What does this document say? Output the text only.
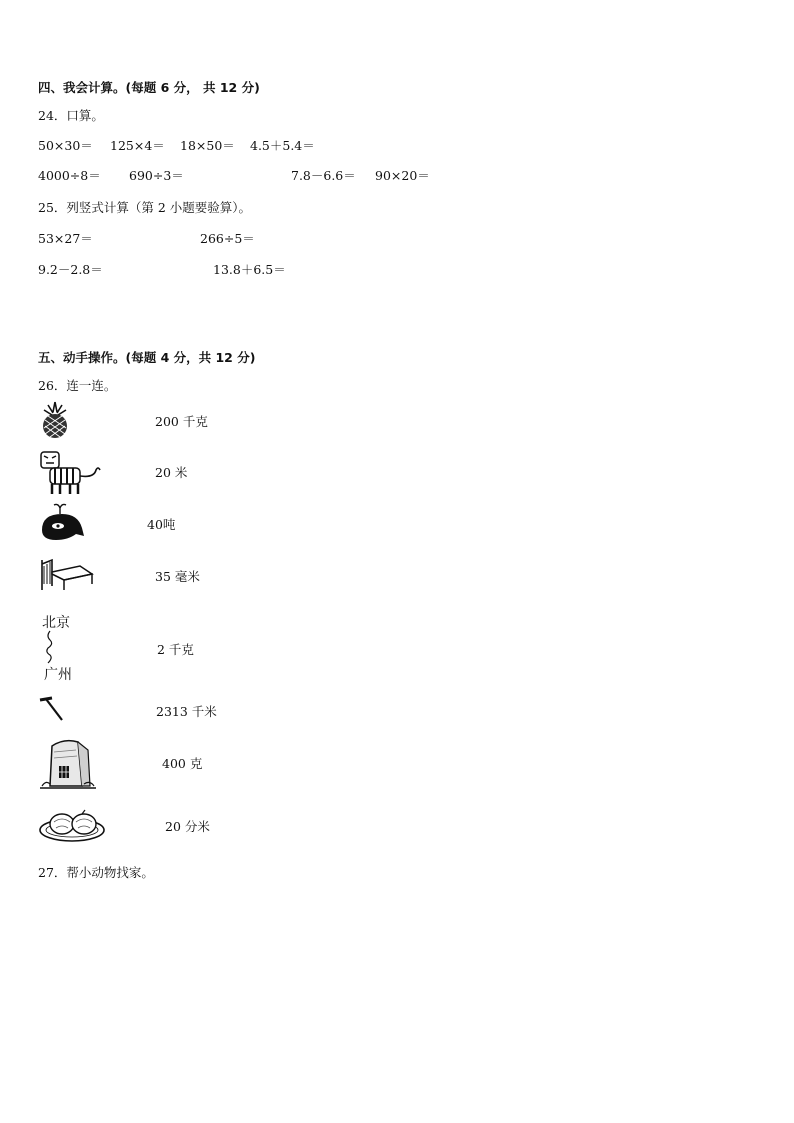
四、我会计算。(每题 6 分， 共 12 分)
24．口算。
50×30＝ 125×4＝ 18×50＝ 4.5＋5.4＝
4000÷8＝ 690÷3＝	7.8－6.6＝ 90×20＝
25．列竖式计算（第 2 小题要验算）。
53×27＝	266÷5＝
9.2－2.8＝	13.8＋6.5＝
五、动手操作。(每题 4 分，共 12 分)
26．连一连。
200 千克
20 米
40吨
35 毫米
北京
广州
2 千克
2313 千米
400 克
20 分米
27．帮小动物找家。
